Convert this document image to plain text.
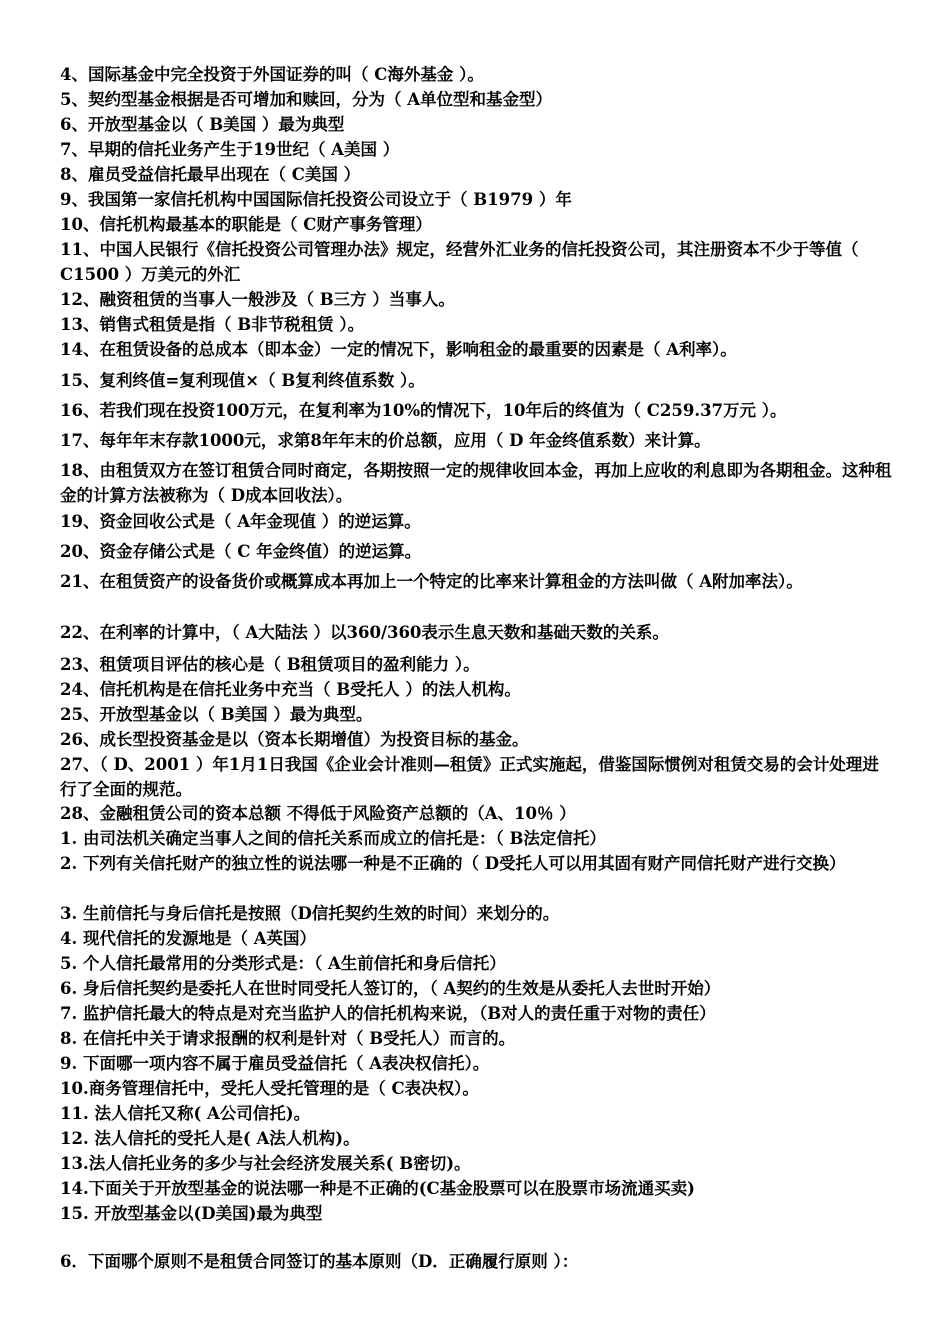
4、国际基金中完全投资于外国证券的叫（ C海外基金 ）。
5、契约型基金根据是否可增加和赎回，分为（ A单位型和基金型）
6、开放型基金以（ B美国 ）最为典型
7、早期的信托业务产生于19世纪（ A美国 ）
8、雇员受益信托最早出现在（ C美国 ）
9、我国第一家信托机构中国国际信托投资公司设立于（ B1979 ）年
10、信托机构最基本的职能是（ C财产事务管理）
11、中国人民银行《信托投资公司管理办法》规定，经营外汇业务的信托投资公司，其注册资本不少于等值（ C1500 ）万美元的外汇
12、融资租赁的当事人一般涉及（ B三方 ）当事人。
13、销售式租赁是指（ B非节税租赁 ）。
14、在租赁设备的总成本（即本金）一定的情况下，影响租金的最重要的因素是（ A利率）。
15、复利终值=复利现值×（ B复利终值系数 ）。
16、若我们现在投资100万元，在复利率为10%的情况下，10年后的终值为（ C259.37万元 ）。
17、每年年末存款1000元，求第8年年末的价总额，应用（ D 年金终值系数）来计算。
18、由租赁双方在签订租赁合同时商定，各期按照一定的规律收回本金，再加上应收的利息即为各期租金。这种租金的计算方法被称为（ D成本回收法）。
19、资金回收公式是（ A年金现值 ）的逆运算。
20、资金存储公式是（ C 年金终值）的逆运算。
21、在租赁资产的设备货价或概算成本再加上一个特定的比率来计算租金的方法叫做（ A附加率法）。
22、在利率的计算中，（ A大陆法 ）以360/360表示生息天数和基础天数的关系。
23、租赁项目评估的核心是（ B租赁项目的盈利能力 ）。
24、信托机构是在信托业务中充当（ B受托人 ）的法人机构。
25、开放型基金以（ B美国 ）最为典型。
26、成长型投资基金是以（资本长期增值）为投资目标的基金。
27、（ D、2001 ）年1月1日我国《企业会计准则—租赁》正式实施起，借鉴国际惯例对租赁交易的会计处理进行了全面的规范。
28、金融租赁公司的资本总额 不得低于风险资产总额的（A、10％ ）
1. 由司法机关确定当事人之间的信托关系而成立的信托是：（ B法定信托）
2. 下列有关信托财产的独立性的说法哪一种是不正确的（ D受托人可以用其固有财产同信托财产进行交换）
3. 生前信托与身后信托是按照（D信托契约生效的时间）来划分的。
4. 现代信托的发源地是（ A英国）
5. 个人信托最常用的分类形式是：（ A生前信托和身后信托）
6. 身后信托契约是委托人在世时同受托人签订的，（ A契约的生效是从委托人去世时开始）
7. 监护信托最大的特点是对充当监护人的信托机构来说，（B对人的责任重于对物的责任）
8. 在信托中关于请求报酬的权利是针对（ B受托人）而言的。
9. 下面哪一项内容不属于雇员受益信托（ A表决权信托）。
10.商务管理信托中，受托人受托管理的是（ C表决权）。
11. 法人信托又称( A公司信托)。
12. 法人信托的受托人是( A法人机构)。
13.法人信托业务的多少与社会经济发展关系( B密切)。
14.下面关于开放型基金的说法哪一种是不正确的(C基金股票可以在股票市场流通买卖)
15. 开放型基金以(D美国)最为典型
6．下面哪个原则不是租赁合同签订的基本原则（D．正确履行原则 ）：
